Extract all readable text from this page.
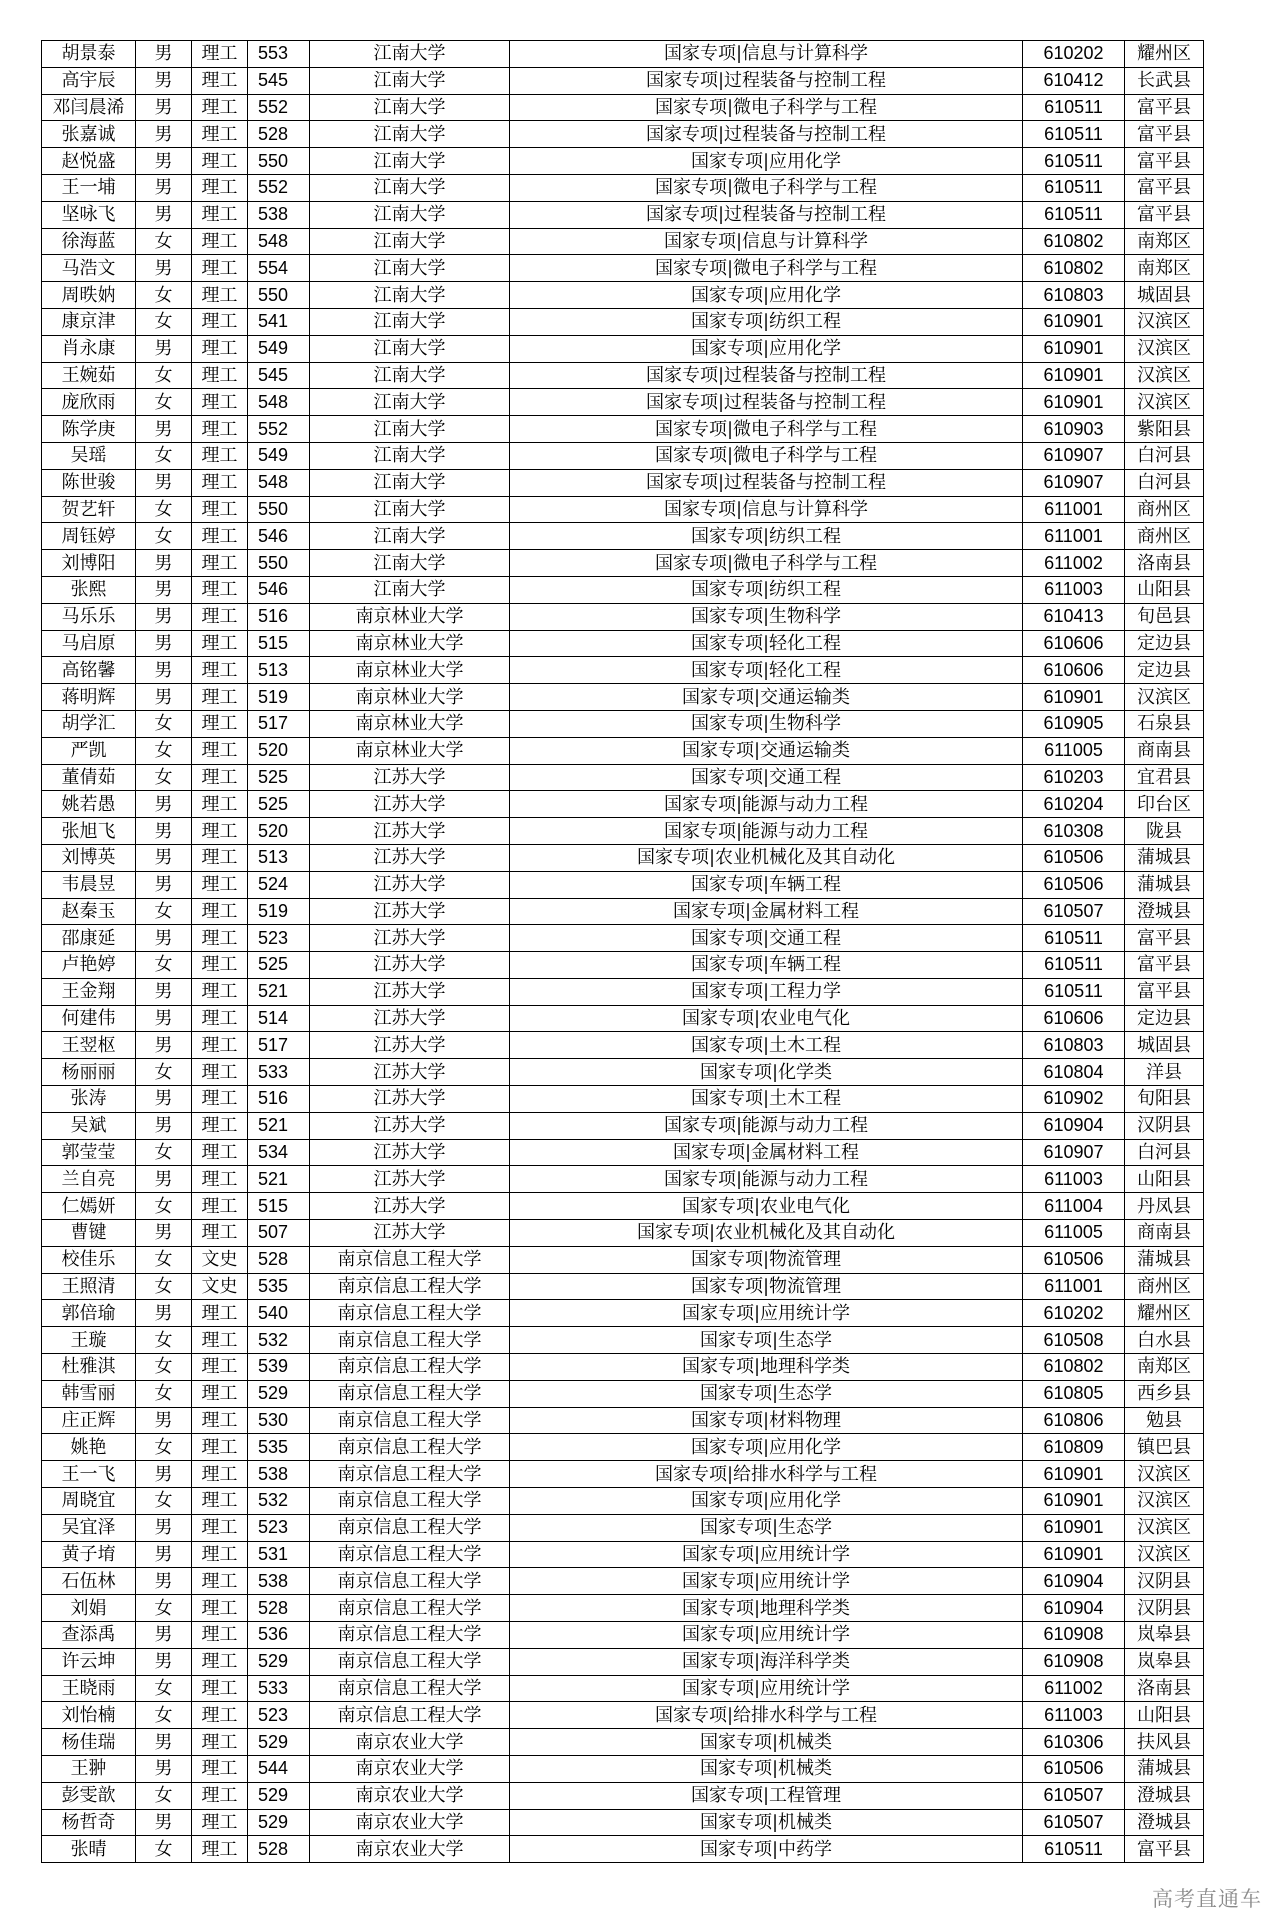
胡景泰	男	理工	553	江南大学	国家专项|信息与计算科学	610202	耀州区
高宇辰	男	理工	545	江南大学	国家专项|过程装备与控制工程	610412	长武县
邓闫晨浠	男	理工	552	江南大学	国家专项|微电子科学与工程	610511	富平县
张嘉诚	男	理工	528	江南大学	国家专项|过程装备与控制工程	610511	富平县
赵悦盛	男	理工	550	江南大学	国家专项|应用化学	610511	富平县
王一埔	男	理工	552	江南大学	国家专项|微电子科学与工程	610511	富平县
坚咏飞	男	理工	538	江南大学	国家专项|过程装备与控制工程	610511	富平县
徐海蓝	女	理工	548	江南大学	国家专项|信息与计算科学	610802	南郑区
马浩文	男	理工	554	江南大学	国家专项|微电子科学与工程	610802	南郑区
周昳妠	女	理工	550	江南大学	国家专项|应用化学	610803	城固县
康京津	女	理工	541	江南大学	国家专项|纺织工程	610901	汉滨区
肖永康	男	理工	549	江南大学	国家专项|应用化学	610901	汉滨区
王婉茹	女	理工	545	江南大学	国家专项|过程装备与控制工程	610901	汉滨区
庞欣雨	女	理工	548	江南大学	国家专项|过程装备与控制工程	610901	汉滨区
陈学庚	男	理工	552	江南大学	国家专项|微电子科学与工程	610903	紫阳县
吴瑶	女	理工	549	江南大学	国家专项|微电子科学与工程	610907	白河县
陈世骏	男	理工	548	江南大学	国家专项|过程装备与控制工程	610907	白河县
贺艺轩	女	理工	550	江南大学	国家专项|信息与计算科学	611001	商州区
周钰婷	女	理工	546	江南大学	国家专项|纺织工程	611001	商州区
刘博阳	男	理工	550	江南大学	国家专项|微电子科学与工程	611002	洛南县
张熙	男	理工	546	江南大学	国家专项|纺织工程	611003	山阳县
马乐乐	男	理工	516	南京林业大学	国家专项|生物科学	610413	旬邑县
马启原	男	理工	515	南京林业大学	国家专项|轻化工程	610606	定边县
高铭馨	男	理工	513	南京林业大学	国家专项|轻化工程	610606	定边县
蒋明辉	男	理工	519	南京林业大学	国家专项|交通运输类	610901	汉滨区
胡学汇	女	理工	517	南京林业大学	国家专项|生物科学	610905	石泉县
严凯	女	理工	520	南京林业大学	国家专项|交通运输类	611005	商南县
董倩茹	女	理工	525	江苏大学	国家专项|交通工程	610203	宜君县
姚若愚	男	理工	525	江苏大学	国家专项|能源与动力工程	610204	印台区
张旭飞	男	理工	520	江苏大学	国家专项|能源与动力工程	610308	陇县
刘博英	男	理工	513	江苏大学	国家专项|农业机械化及其自动化	610506	蒲城县
韦晨昱	男	理工	524	江苏大学	国家专项|车辆工程	610506	蒲城县
赵秦玉	女	理工	519	江苏大学	国家专项|金属材料工程	610507	澄城县
邵康延	男	理工	523	江苏大学	国家专项|交通工程	610511	富平县
卢艳婷	女	理工	525	江苏大学	国家专项|车辆工程	610511	富平县
王金翔	男	理工	521	江苏大学	国家专项|工程力学	610511	富平县
何建伟	男	理工	514	江苏大学	国家专项|农业电气化	610606	定边县
王翌枢	男	理工	517	江苏大学	国家专项|土木工程	610803	城固县
杨丽丽	女	理工	533	江苏大学	国家专项|化学类	610804	洋县
张涛	男	理工	516	江苏大学	国家专项|土木工程	610902	旬阳县
吴斌	男	理工	521	江苏大学	国家专项|能源与动力工程	610904	汉阴县
郭莹莹	女	理工	534	江苏大学	国家专项|金属材料工程	610907	白河县
兰自亮	男	理工	521	江苏大学	国家专项|能源与动力工程	611003	山阳县
仁嫣妍	女	理工	515	江苏大学	国家专项|农业电气化	611004	丹凤县
曹键	男	理工	507	江苏大学	国家专项|农业机械化及其自动化	611005	商南县
校佳乐	女	文史	528	南京信息工程大学	国家专项|物流管理	610506	蒲城县
王照清	女	文史	535	南京信息工程大学	国家专项|物流管理	611001	商州区
郭倍瑜	男	理工	540	南京信息工程大学	国家专项|应用统计学	610202	耀州区
王璇	女	理工	532	南京信息工程大学	国家专项|生态学	610508	白水县
杜雅淇	女	理工	539	南京信息工程大学	国家专项|地理科学类	610802	南郑区
韩雪丽	女	理工	529	南京信息工程大学	国家专项|生态学	610805	西乡县
庄正辉	男	理工	530	南京信息工程大学	国家专项|材料物理	610806	勉县
姚艳	女	理工	535	南京信息工程大学	国家专项|应用化学	610809	镇巴县
王一飞	男	理工	538	南京信息工程大学	国家专项|给排水科学与工程	610901	汉滨区
周晓宜	女	理工	532	南京信息工程大学	国家专项|应用化学	610901	汉滨区
吴宜泽	男	理工	523	南京信息工程大学	国家专项|生态学	610901	汉滨区
黄子堉	男	理工	531	南京信息工程大学	国家专项|应用统计学	610901	汉滨区
石伍林	男	理工	538	南京信息工程大学	国家专项|应用统计学	610904	汉阴县
刘娟	女	理工	528	南京信息工程大学	国家专项|地理科学类	610904	汉阴县
查添禹	男	理工	536	南京信息工程大学	国家专项|应用统计学	610908	岚皋县
许云坤	男	理工	529	南京信息工程大学	国家专项|海洋科学类	610908	岚皋县
王晓雨	女	理工	533	南京信息工程大学	国家专项|应用统计学	611002	洛南县
刘怡楠	女	理工	523	南京信息工程大学	国家专项|给排水科学与工程	611003	山阳县
杨佳瑞	男	理工	529	南京农业大学	国家专项|机械类	610306	扶风县
王翀	男	理工	544	南京农业大学	国家专项|机械类	610506	蒲城县
彭雯歆	女	理工	529	南京农业大学	国家专项|工程管理	610507	澄城县
杨哲奇	男	理工	529	南京农业大学	国家专项|机械类	610507	澄城县
张晴	女	理工	528	南京农业大学	国家专项|中药学	610511	富平县
高考直通车
